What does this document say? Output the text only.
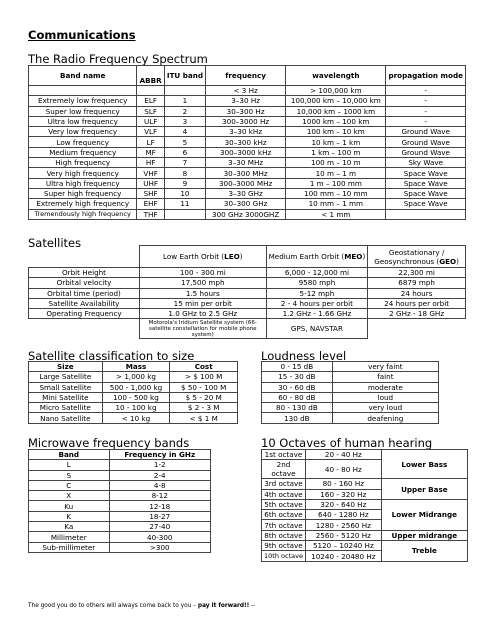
Communications
The Radio Frequency Spectrum
Band name	ABBR	ITU band	frequency	wavelength	propagation mode
			< 3 Hz	> 100,000 km	-
Extremely low frequency	ELF	1	3–30 Hz	100,000 km – 10,000 km	-
Super low frequency	SLF	2	30–300 Hz	10,000 km – 1000 km	-
Ultra low frequency	ULF	3	300–3000 Hz	1000 km – 100 km	-
Very low frequency	VLF	4	3–30 kHz	100 km – 10 km	Ground Wave
Low frequency	LF	5	30–300 kHz	10 km – 1 km	Ground Wave
Medium frequency	MF	6	300–3000 kHz	1 km – 100 m	Ground Wave
High frequency	HF	7	3–30 MHz	100 m – 10 m	Sky Wave
Very high frequency	VHF	8	30–300 MHz	10 m – 1 m	Space Wave
Ultra high frequency	UHF	9	300–3000 MHz	1 m – 100 mm	Space Wave
Super high frequency	SHF	10	3–30 GHz	100 mm – 10 mm	Space Wave
Extremely high frequency	EHF	11	30–300 GHz	10 mm – 1 mm	Space Wave
Tremendously high frequency	THF		300 GHz 3000GHZ	< 1 mm	
Satellites
	Low Earth Orbit (LEO)	Medium Earth Orbit (MEO)	Geostationary /
Geosynchronous (GEO)

Orbit Height	100 - 300 mi	6,000 - 12,000 mi	22,300 mi
Orbital velocity	17,500 mph	9580 mph	6879 mph
Orbital time (period)	1.5 hours	5-12 mph	24 hours
Satellite Availability	15 min per orbit	2 - 4 hours per orbit	24 hours per orbit
Operating Frequency	1.0 GHz to 2.5 GHz	1.2 GHz - 1.66 GHz	2 GHz - 18 GHz
	Motorola's Iridium Satellite system (66-satellite constellation for mobile phone system)	GPS, NAVSTAR	
Satellite classification to size
Size	Mass	Cost
Large Satellite	> 1,000 kg	> $ 100 M
Small Satellite	500 - 1,000 kg	$ 50 - 100 M
Mini Satellite	100 - 500 kg	$ 5 - 20 M
Micro Satellite	10 - 100 kg	$ 2 - 3 M
Nano Satellite	< 10 kg	< $ 1 M
Loudness level
0 - 15 dB	very faint
15 - 30 dB	faint
30 - 60 dB	moderate
60 - 80 dB	loud
80 - 130 dB	very loud
130 dB	deafening
Microwave frequency bands
Band	Frequency in GHz
L	1-2
S	2-4
C	4-8
X	8-12
Ku	12-18
K	18-27
Ka	27-40
Millimeter	40-300
Sub-millimeter	>300
10 Octaves of human hearing
1st octave	20 - 40 Hz	Lower Bass
2nd octave	40 - 80 Hz	
3rd octave	80 - 160 Hz	Upper Base
4th octave	160 - 320 Hz	
5th octave	320 - 640 Hz	Lower Midrange
6th octave	640 - 1280 Hz	
7th octave	1280 - 2560 Hz	
8th octave	2560 - 5120 Hz	Upper midrange
9th octave	5120 – 10240 Hz	Treble
10th octave	10240 - 20480 Hz	
The good you do to others will always come back to you – pay it forward!! --
